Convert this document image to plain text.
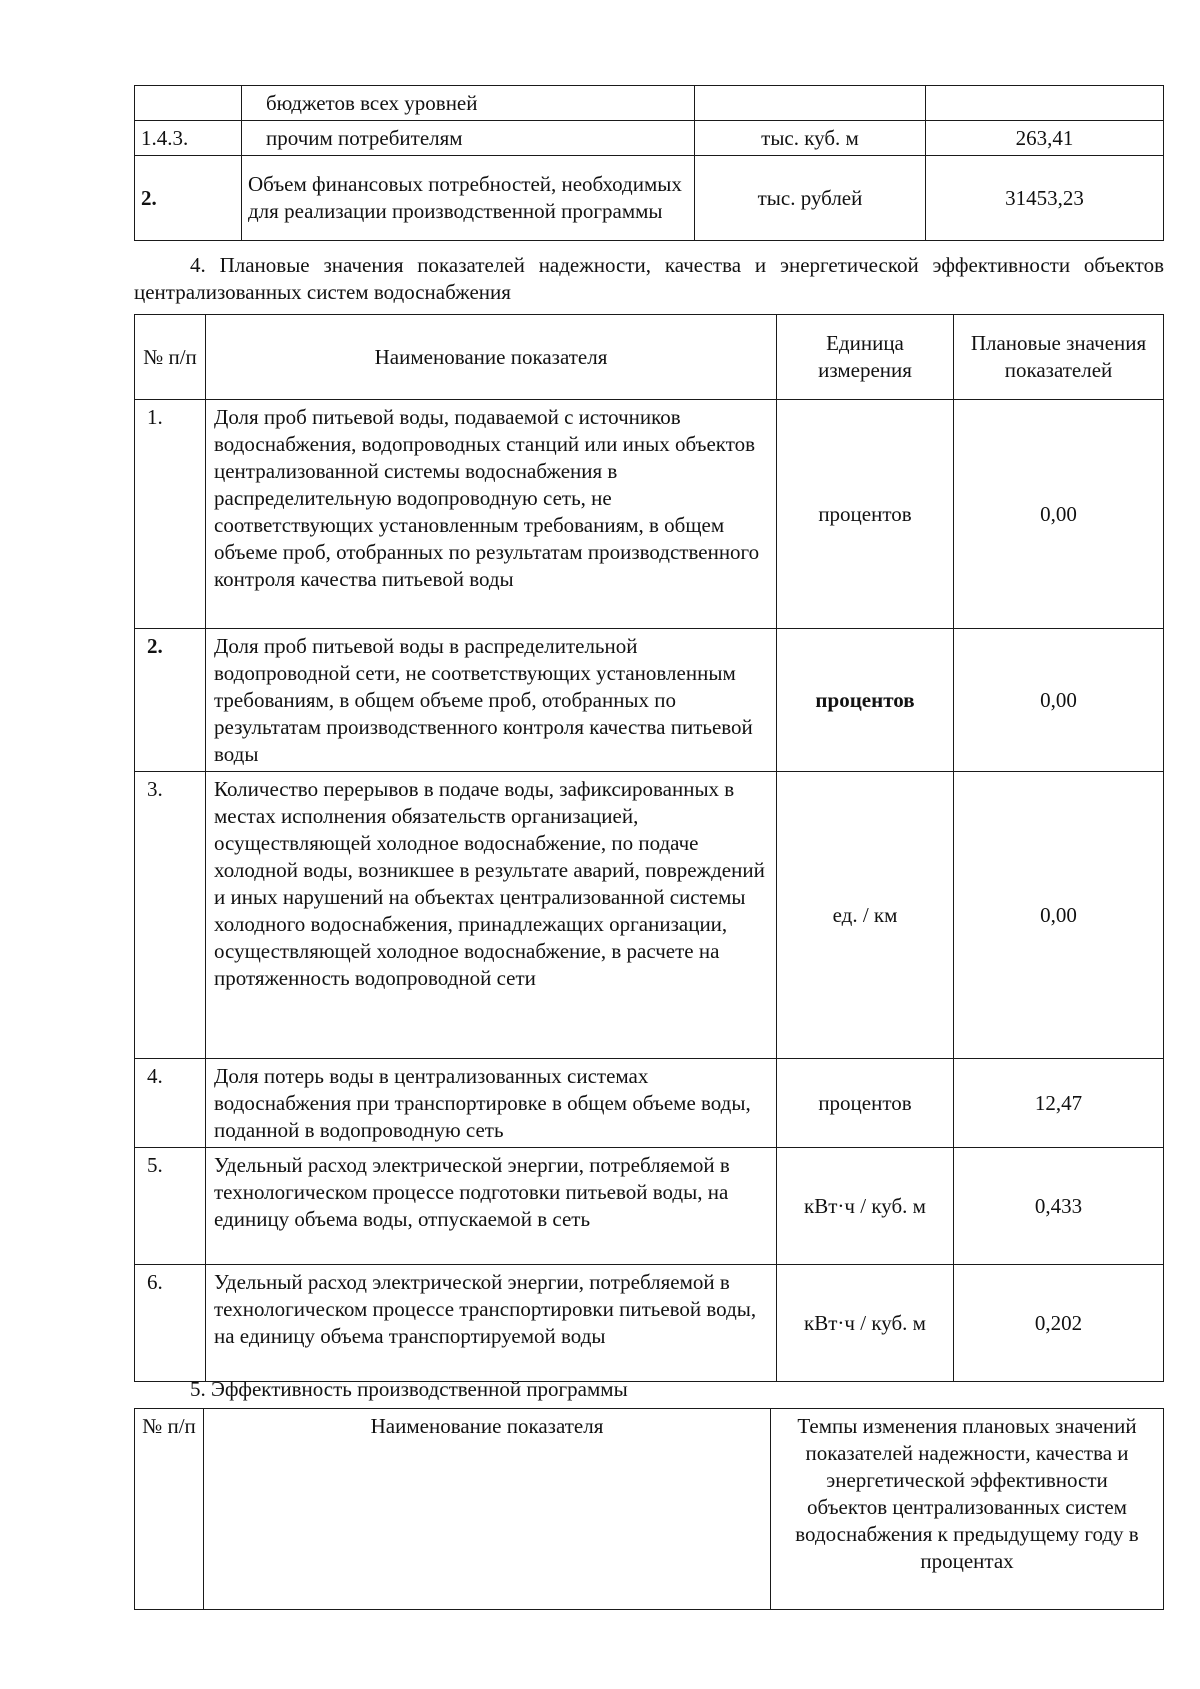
	бюджетов всех уровней		
1.4.3.	прочим потребителям	тыс. куб. м	263,41
2.	Объем финансовых потребностей, необходимых для реализации производственной программы	тыс. рублей	31453,23
4. Плановые значения показателей надежности, качества и энергетической эффективности объектов централизованных систем водоснабжения
№ п/п	Наименование показателя	Единица измерения	Плановые значения показателей
1.	Доля проб питьевой воды, подаваемой с источников водоснабжения, водопроводных станций или иных объектов централизованной системы водоснабжения в распределительную водопроводную сеть, не соответствующих установленным требованиям, в общем объеме проб, отобранных по результатам производственного контроля качества питьевой воды	процентов	0,00
2.	Доля проб питьевой воды в распределительной водопроводной сети, не соответствующих установленным требованиям, в общем объеме проб, отобранных по результатам производственного контроля качества питьевой воды	процентов	0,00
3.	Количество перерывов в подаче воды, зафиксированных в местах исполнения обязательств организацией, осуществляющей холодное водоснабжение, по подаче холодной воды, возникшее в результате аварий, повреждений и иных нарушений на объектах централизованной системы холодного водоснабжения, принадлежащих организации, осуществляющей холодное водоснабжение, в расчете на протяженность водопроводной сети	ед. / км	0,00
4.	Доля потерь воды в централизованных системах водоснабжения при транспортировке в общем объеме воды, поданной в водопроводную сеть	процентов	12,47
5.	Удельный расход электрической энергии, потребляемой в технологическом процессе подготовки питьевой воды, на единицу объема воды, отпускаемой в сеть	кВт·ч / куб. м	0,433
6.	Удельный расход электрической энергии, потребляемой в технологическом процессе транспортировки питьевой воды, на единицу объема транспортируемой воды	кВт·ч / куб. м	0,202
5. Эффективность производственной программы
№ п/п	Наименование показателя	Темпы изменения плановых значений показателей надежности, качества и энергетической эффективности объектов централизованных систем водоснабжения к предыдущему году в процентах
